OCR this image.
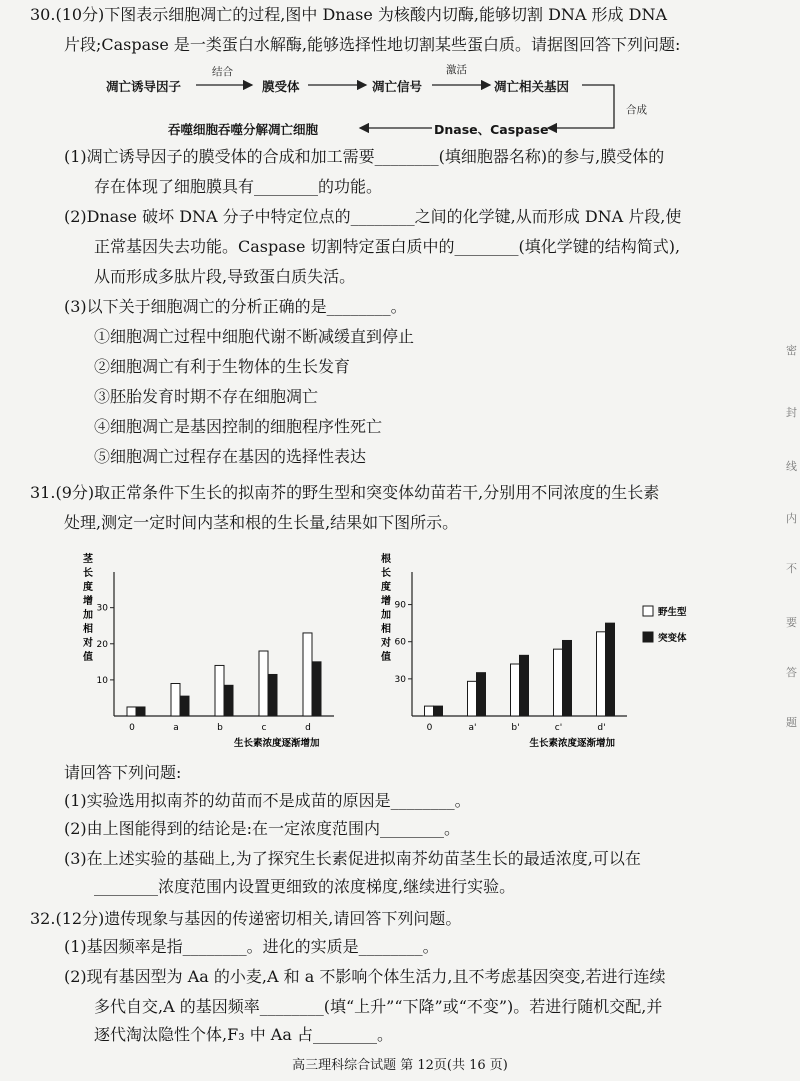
30.(10分)下图表示细胞凋亡的过程,图中 Dnase 为核酸内切酶,能够切割 DNA 形成 DNA
片段;Caspase 是一类蛋白水解酶,能够选择性地切割某些蛋白质。请据图回答下列问题:
凋亡诱导因子
结合
膜受体	凋亡信号
激活
凋亡相关基因
合成
Dnase、Caspase
吞噬细胞吞噬分解凋亡细胞
(1)凋亡诱导因子的膜受体的合成和加工需要________(填细胞器名称)的参与,膜受体的
存在体现了细胞膜具有________的功能。
(2)Dnase 破坏 DNA 分子中特定位点的________之间的化学键,从而形成 DNA 片段,使
正常基因失去功能。Caspase 切割特定蛋白质中的________(填化学键的结构简式),
从而形成多肽片段,导致蛋白质失活。
(3)以下关于细胞凋亡的分析正确的是________。
①细胞凋亡过程中细胞代谢不断减缓直到停止
②细胞凋亡有利于生物体的生长发育
③胚胎发育时期不存在细胞凋亡
④细胞凋亡是基因控制的细胞程序性死亡
⑤细胞凋亡过程存在基因的选择性表达
31.(9分)取正常条件下生长的拟南芥的野生型和突变体幼苗若干,分别用不同浓度的生长素
处理,测定一定时间内茎和根的生长量,结果如下图所示。
茎
长
度
增
加
相
对
值
10
20
30
0	a	b	c	d
生长素浓度逐渐增加
根
长
度
增
加
相
对
值
30
60
90
0	a'	b'	c'	d'
生长素浓度逐渐增加
野生型
突变体
请回答下列问题:
(1)实验选用拟南芥的幼苗而不是成苗的原因是________。
(2)由上图能得到的结论是:在一定浓度范围内________。
(3)在上述实验的基础上,为了探究生长素促进拟南芥幼苗茎生长的最适浓度,可以在
________浓度范围内设置更细致的浓度梯度,继续进行实验。
32.(12分)遗传现象与基因的传递密切相关,请回答下列问题。
(1)基因频率是指________。进化的实质是________。
(2)现有基因型为 Aa 的小麦,A 和 a 不影响个体生活力,且不考虑基因突变,若进行连续
多代自交,A 的基因频率________(填“上升”“下降”或“不变”)。若进行随机交配,并
逐代淘汰隐性个体,F₃ 中 Aa 占________。
密
封
线
内
不
要
答
题
高三理科综合试题 第 12页(共 16 页)
